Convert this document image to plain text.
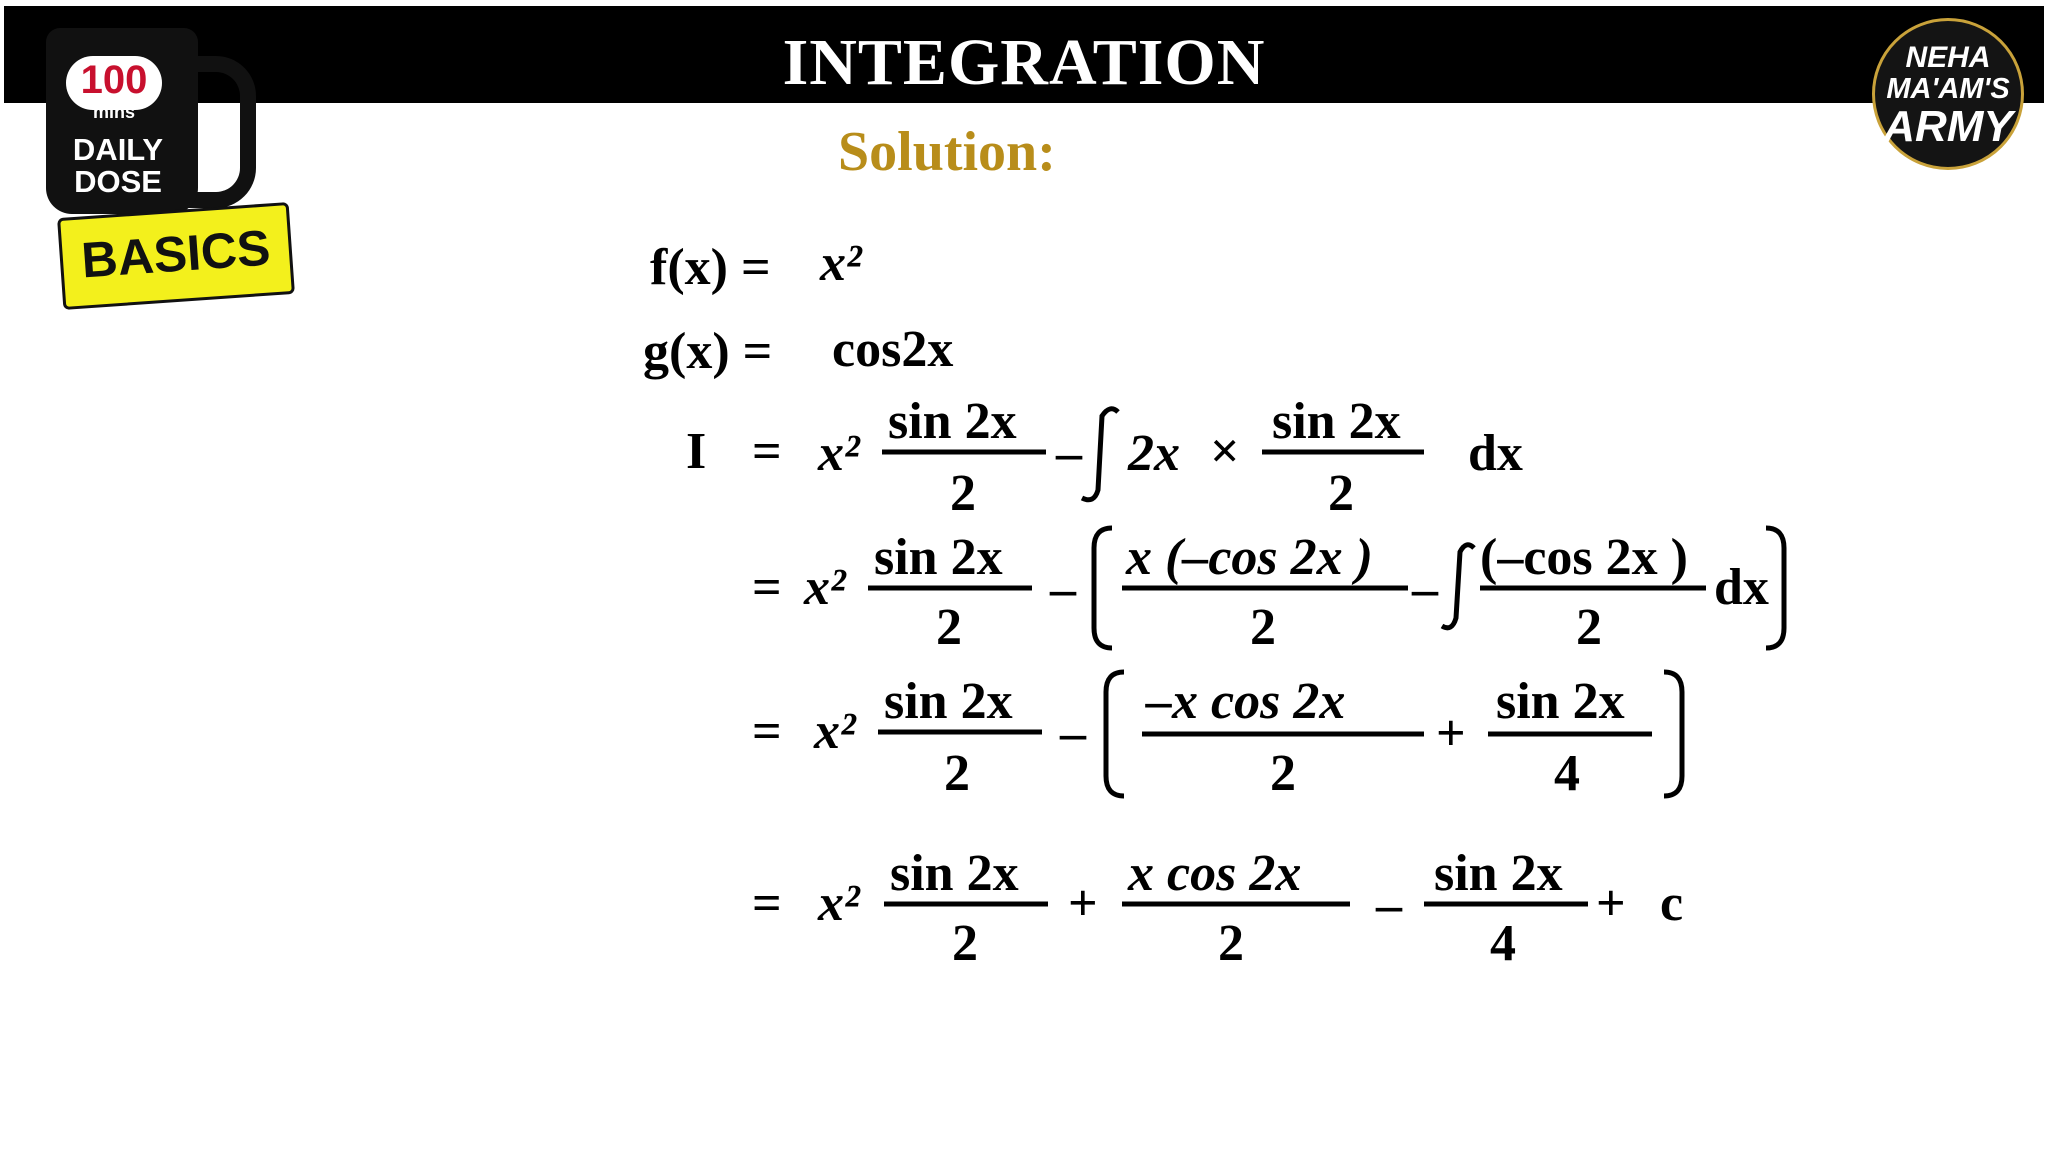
INTEGRATION
100
mins
DAILY
DOSE
BASICS
NEHA
MA'AM'S
ARMY
Solution:
f(x) = x²
g(x) = cos2x
I = x²
sin 2x
2
– 2x ×
sin 2x
2
dx
= x²
sin 2x
2
–
x (–cos 2x )
2
–
(–cos 2x )
2
dx
= x²
sin 2x
2
–
–x cos 2x
2
+
sin 2x
4
= x²
sin 2x
2
+
x cos 2x
2
–
sin 2x
4
+ c
